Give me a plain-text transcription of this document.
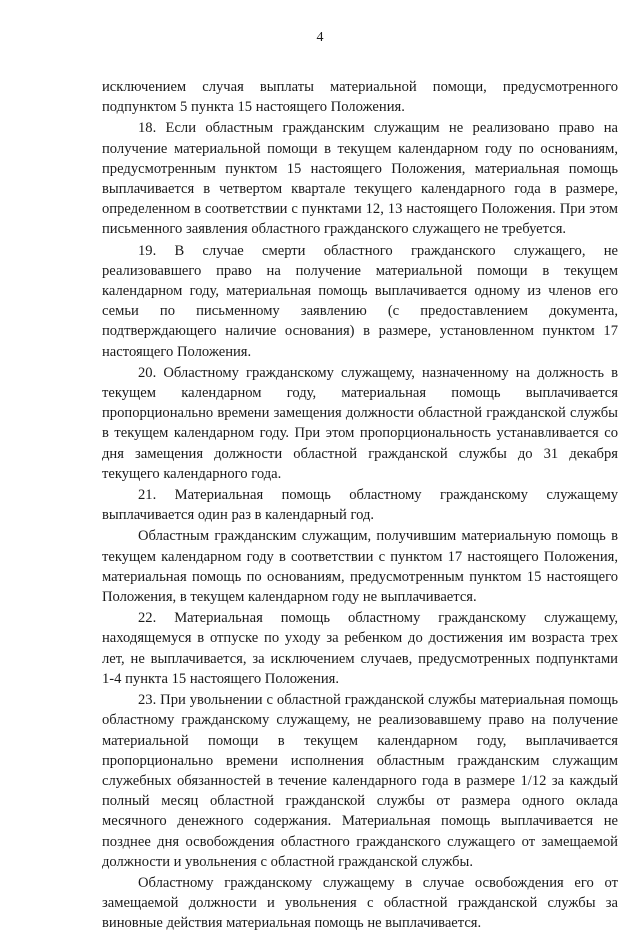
4

исключением случая выплаты материальной помощи, предусмотренного подпунктом 5 пункта 15 настоящего Положения.

18. Если областным гражданским служащим не реализовано право на получение материальной помощи в текущем календарном году по основаниям, предусмотренным пунктом 15 настоящего Положения, материальная помощь выплачивается в четвертом квартале текущего календарного года в размере, определенном в соответствии с пунктами 12, 13 настоящего Положения. При этом письменного заявления областного гражданского служащего не требуется.

19. В случае смерти областного гражданского служащего, не реализовавшего право на получение материальной помощи в текущем календарном году, материальная помощь выплачивается одному из членов его семьи по письменному заявлению (с предоставлением документа, подтверждающего наличие основания) в размере, установленном пунктом 17 настоящего Положения.

20. Областному гражданскому служащему, назначенному на должность в текущем календарном году, материальная помощь выплачивается пропорционально времени замещения должности областной гражданской службы в текущем календарном году. При этом пропорциональность устанавливается со дня замещения должности областной гражданской службы до 31 декабря текущего календарного года.

21. Материальная помощь областному гражданскому служащему выплачивается один раз в календарный год.

Областным гражданским служащим, получившим материальную помощь в текущем календарном году в соответствии с пунктом 17 настоящего Положения, материальная помощь по основаниям, предусмотренным пунктом 15 настоящего Положения, в текущем календарном году не выплачивается.

22. Материальная помощь областному гражданскому служащему, находящемуся в отпуске по уходу за ребенком до достижения им возраста трех лет, не выплачивается, за исключением случаев, предусмотренных подпунктами 1-4 пункта 15 настоящего Положения.

23. При увольнении с областной гражданской службы материальная помощь областному гражданскому служащему, не реализовавшему право на получение материальной помощи в текущем календарном году, выплачивается пропорционально времени исполнения областным гражданским служащим служебных обязанностей в течение календарного года в размере 1/12 за каждый полный месяц областной гражданской службы от размера одного оклада месячного денежного содержания. Материальная помощь выплачивается не позднее дня освобождения областного гражданского служащего от замещаемой должности и увольнения с областной гражданской службы.

Областному гражданскому служащему в случае освобождения его от замещаемой должности и увольнения с областной гражданской службы за виновные действия материальная помощь не выплачивается.
